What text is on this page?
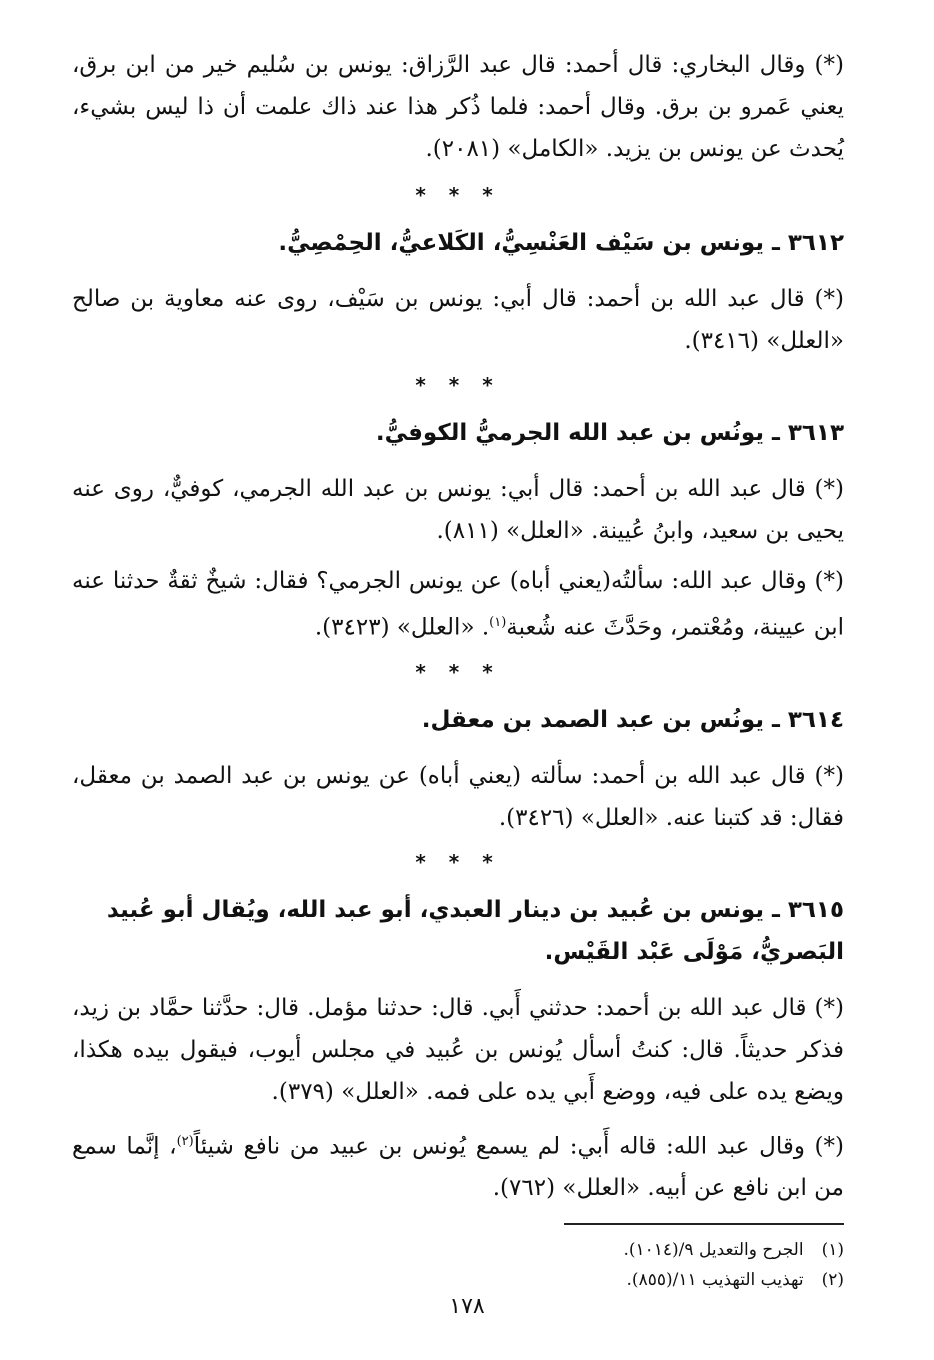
(*) وقال البخاري: قال أحمد: قال عبد الرَّزاق: يونس بن سُليم خير من ابن برق، يعني عَمرو بن برق. وقال أحمد: فلما ذُكر هذا عند ذاك علمت أن ذا ليس بشيء، يُحدث عن يونس بن يزيد. «الكامل» (٢٠٨١).

* * *
٣٦١٢ ـ يونس بن سَيْف العَنْسِيُّ، الكَلاعيُّ، الحِمْصِيُّ.

(*) قال عبد الله بن أحمد: قال أبي: يونس بن سَيْف، روى عنه معاوية بن صالح «العلل» (٣٤١٦).

* * *
٣٦١٣ ـ يونُس بن عبد الله الجرميُّ الكوفيُّ.

(*) قال عبد الله بن أحمد: قال أبي: يونس بن عبد الله الجرمي، كوفيٌّ، روى عنه يحيى بن سعيد، وابنُ عُيينة. «العلل» (٨١١).

(*) وقال عبد الله: سألتُه(يعني أباه) عن يونس الجرمي؟ فقال: شيخٌ ثقةٌ حدثنا عنه ابن عيينة، ومُعْتمر، وحَدَّثَ عنه شُعبة$^{(١)}$. «العلل» (٣٤٢٣).

* * *
٣٦١٤ ـ يونُس بن عبد الصمد بن معقل.

(*) قال عبد الله بن أحمد: سألته (يعني أباه) عن يونس بن عبد الصمد بن معقل، فقال: قد كتبنا عنه. «العلل» (٣٤٢٦).

* * *
٣٦١٥ ـ يونس بن عُبيد بن دينار العبدي، أبو عبد الله، ويُقال أبو عُبيد البَصريُّ، مَوْلَى عَبْد القَيْس.

(*) قال عبد الله بن أحمد: حدثني أَبي. قال: حدثنا مؤمل. قال: حدَّثنا حمَّاد بن زيد، فذكر حديثاً. قال: كنتُ أسأل يُونس بن عُبيد في مجلس أيوب، فيقول بيده هكذا، ويضع يده على فيه، ووضع أَبي يده على فمه. «العلل» (٣٧٩).

(*) وقال عبد الله: قاله أَبي: لم يسمع يُونس بن عبيد من نافع شيئاً$^{(٢)}$، إنَّما سمع من ابن نافع عن أبيه. «العلل» (٧٦٢).

(١)
الجرح والتعديل ٩/(١٠١٤).
(٢)
تهذيب التهذيب ١١/(٨٥٥).
١٧٨
